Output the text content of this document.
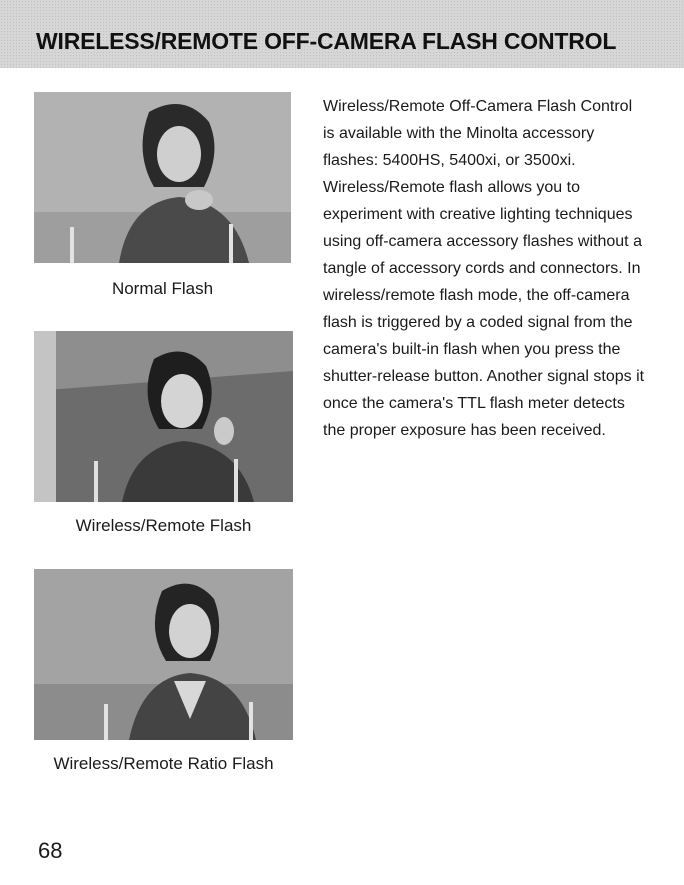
WIRELESS/REMOTE OFF-CAMERA FLASH CONTROL

Normal Flash

Wireless/Remote Flash

Wireless/Remote Ratio Flash

Wireless/Remote Off-Camera Flash Control is available with the Minolta accessory flashes: 5400HS, 5400xi, or 3500xi. Wireless/Remote flash allows you to experiment with creative lighting techniques using off-camera accessory flashes without a tangle of accessory cords and connectors. In wireless/remote flash mode, the off-camera flash is triggered by a coded signal from the camera's built-in flash when you press the shutter-release button. Another signal stops it once the camera's TTL flash meter detects the proper exposure has been received.

68
